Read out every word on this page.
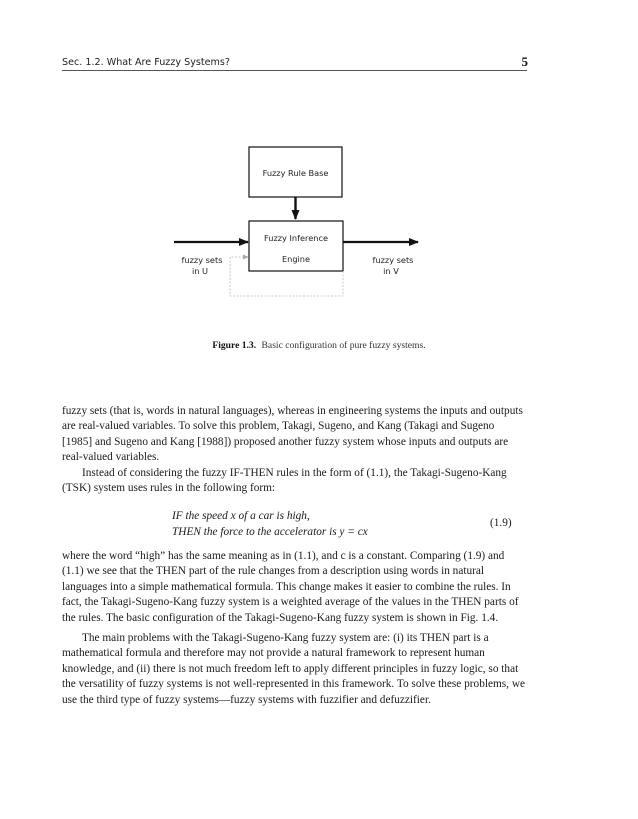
Sec. 1.2. What Are Fuzzy Systems?	5
Fuzzy Rule Base
Fuzzy Inference
Engine
fuzzy sets
in U
fuzzy sets
in V
Figure 1.3. Basic configuration of pure fuzzy systems.

fuzzy sets (that is, words in natural languages), whereas in engineering systems the inputs and outputs are real-valued variables. To solve this problem, Takagi, Sugeno, and Kang (Takagi and Sugeno [1985] and Sugeno and Kang [1988]) proposed another fuzzy system whose inputs and outputs are real-valued variables.

Instead of considering the fuzzy IF-THEN rules in the form of (1.1), the Takagi-Sugeno-Kang (TSK) system uses rules in the following form:

IF the speed x of a car is high,
THEN the force to the accelerator is y = cx
(1.9)

where the word “high” has the same meaning as in (1.1), and c is a constant. Comparing (1.9) and (1.1) we see that the THEN part of the rule changes from a description using words in natural languages into a simple mathematical formula. This change makes it easier to combine the rules. In fact, the Takagi-Sugeno-Kang fuzzy system is a weighted average of the values in the THEN parts of the rules. The basic configuration of the Takagi-Sugeno-Kang fuzzy system is shown in Fig. 1.4.

The main problems with the Takagi-Sugeno-Kang fuzzy system are: (i) its THEN part is a mathematical formula and therefore may not provide a natural framework to represent human knowledge, and (ii) there is not much freedom left to apply different principles in fuzzy logic, so that the versatility of fuzzy systems is not well-represented in this framework. To solve these problems, we use the third type of fuzzy systems—fuzzy systems with fuzzifier and defuzzifier.
